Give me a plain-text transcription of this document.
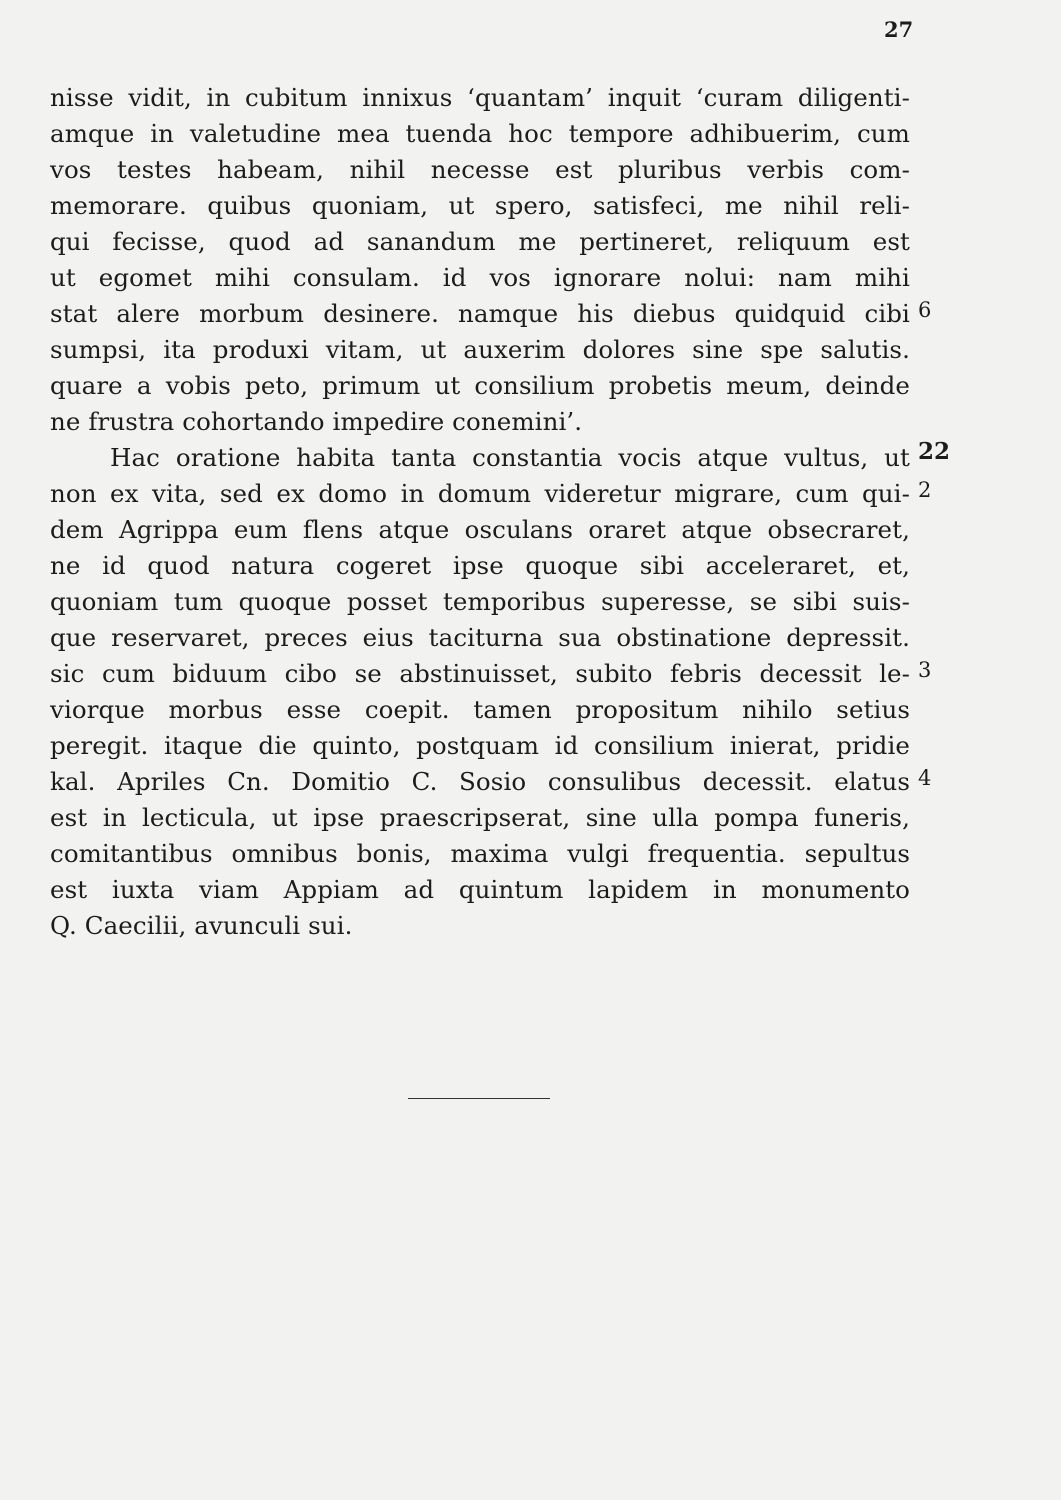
27
nisse vidit, in cubitum innixus ‘quantam’ inquit ‘curam diligenti-
amque in valetudine mea tuenda hoc tempore adhibuerim, cum
vos testes habeam, nihil necesse est pluribus verbis com-
memorare. quibus quoniam, ut spero, satisfeci, me nihil reli-
qui fecisse, quod ad sanandum me pertineret, reliquum est
ut egomet mihi consulam. id vos ignorare nolui: nam mihi
stat alere morbum desinere. namque his diebus quidquid cibi
sumpsi, ita produxi vitam, ut auxerim dolores sine spe salutis.
quare a vobis peto, primum ut consilium probetis meum, deinde
ne frustra cohortando impedire conemini’.
Hac oratione habita tanta constantia vocis atque vultus, ut
non ex vita, sed ex domo in domum videretur migrare, cum qui-
dem Agrippa eum flens atque osculans oraret atque obsecraret,
ne id quod natura cogeret ipse quoque sibi acceleraret, et,
quoniam tum quoque posset temporibus superesse, se sibi suis-
que reservaret, preces eius taciturna sua obstinatione depressit.
sic cum biduum cibo se abstinuisset, subito febris decessit le-
viorque morbus esse coepit. tamen propositum nihilo setius
peregit. itaque die quinto, postquam id consilium inierat, pridie
kal. Apriles Cn. Domitio C. Sosio consulibus decessit. elatus
est in lecticula, ut ipse praescripserat, sine ulla pompa funeris,
comitantibus omnibus bonis, maxima vulgi frequentia. sepultus
est iuxta viam Appiam ad quintum lapidem in monumento
Q. Caecilii, avunculi sui.
6
22
2
3
4
